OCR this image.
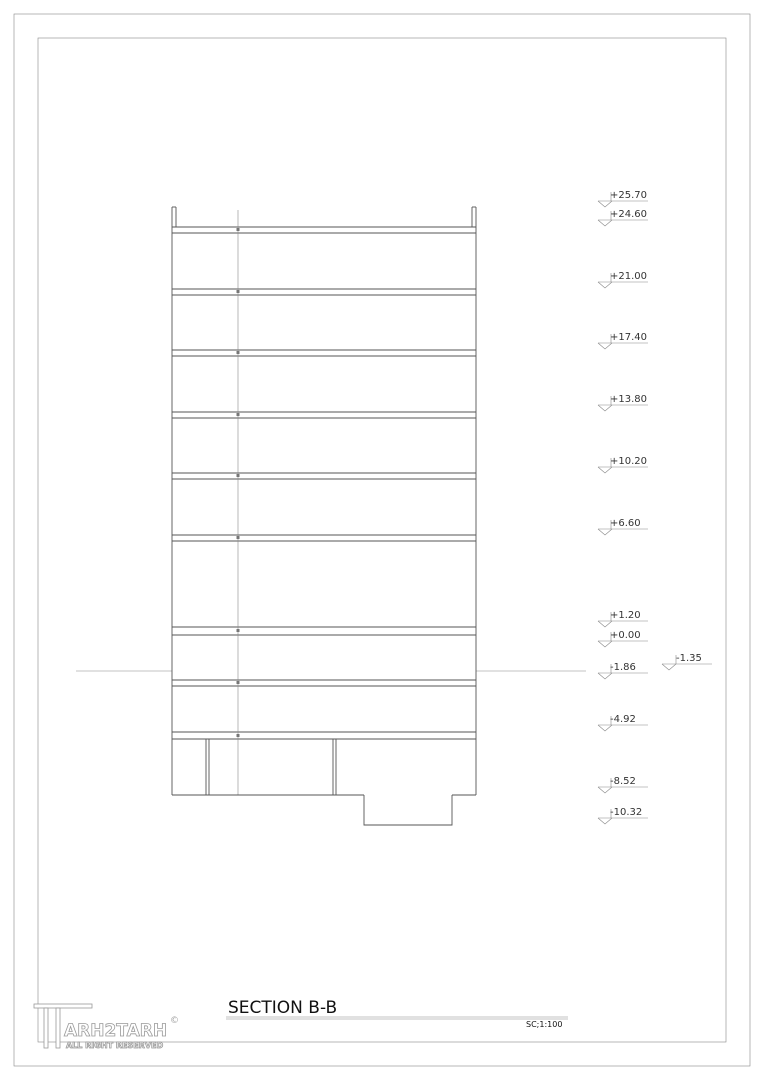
+25.70
+24.60
+21.00
+17.40
+13.80
+10.20
+6.60
+1.20
+0.00
-1.86
-4.92
-8.52
-10.32
-1.35
SECTION B-B
SC;1:100
ARH2TARH
ALL RIGHT RESERVED
©
